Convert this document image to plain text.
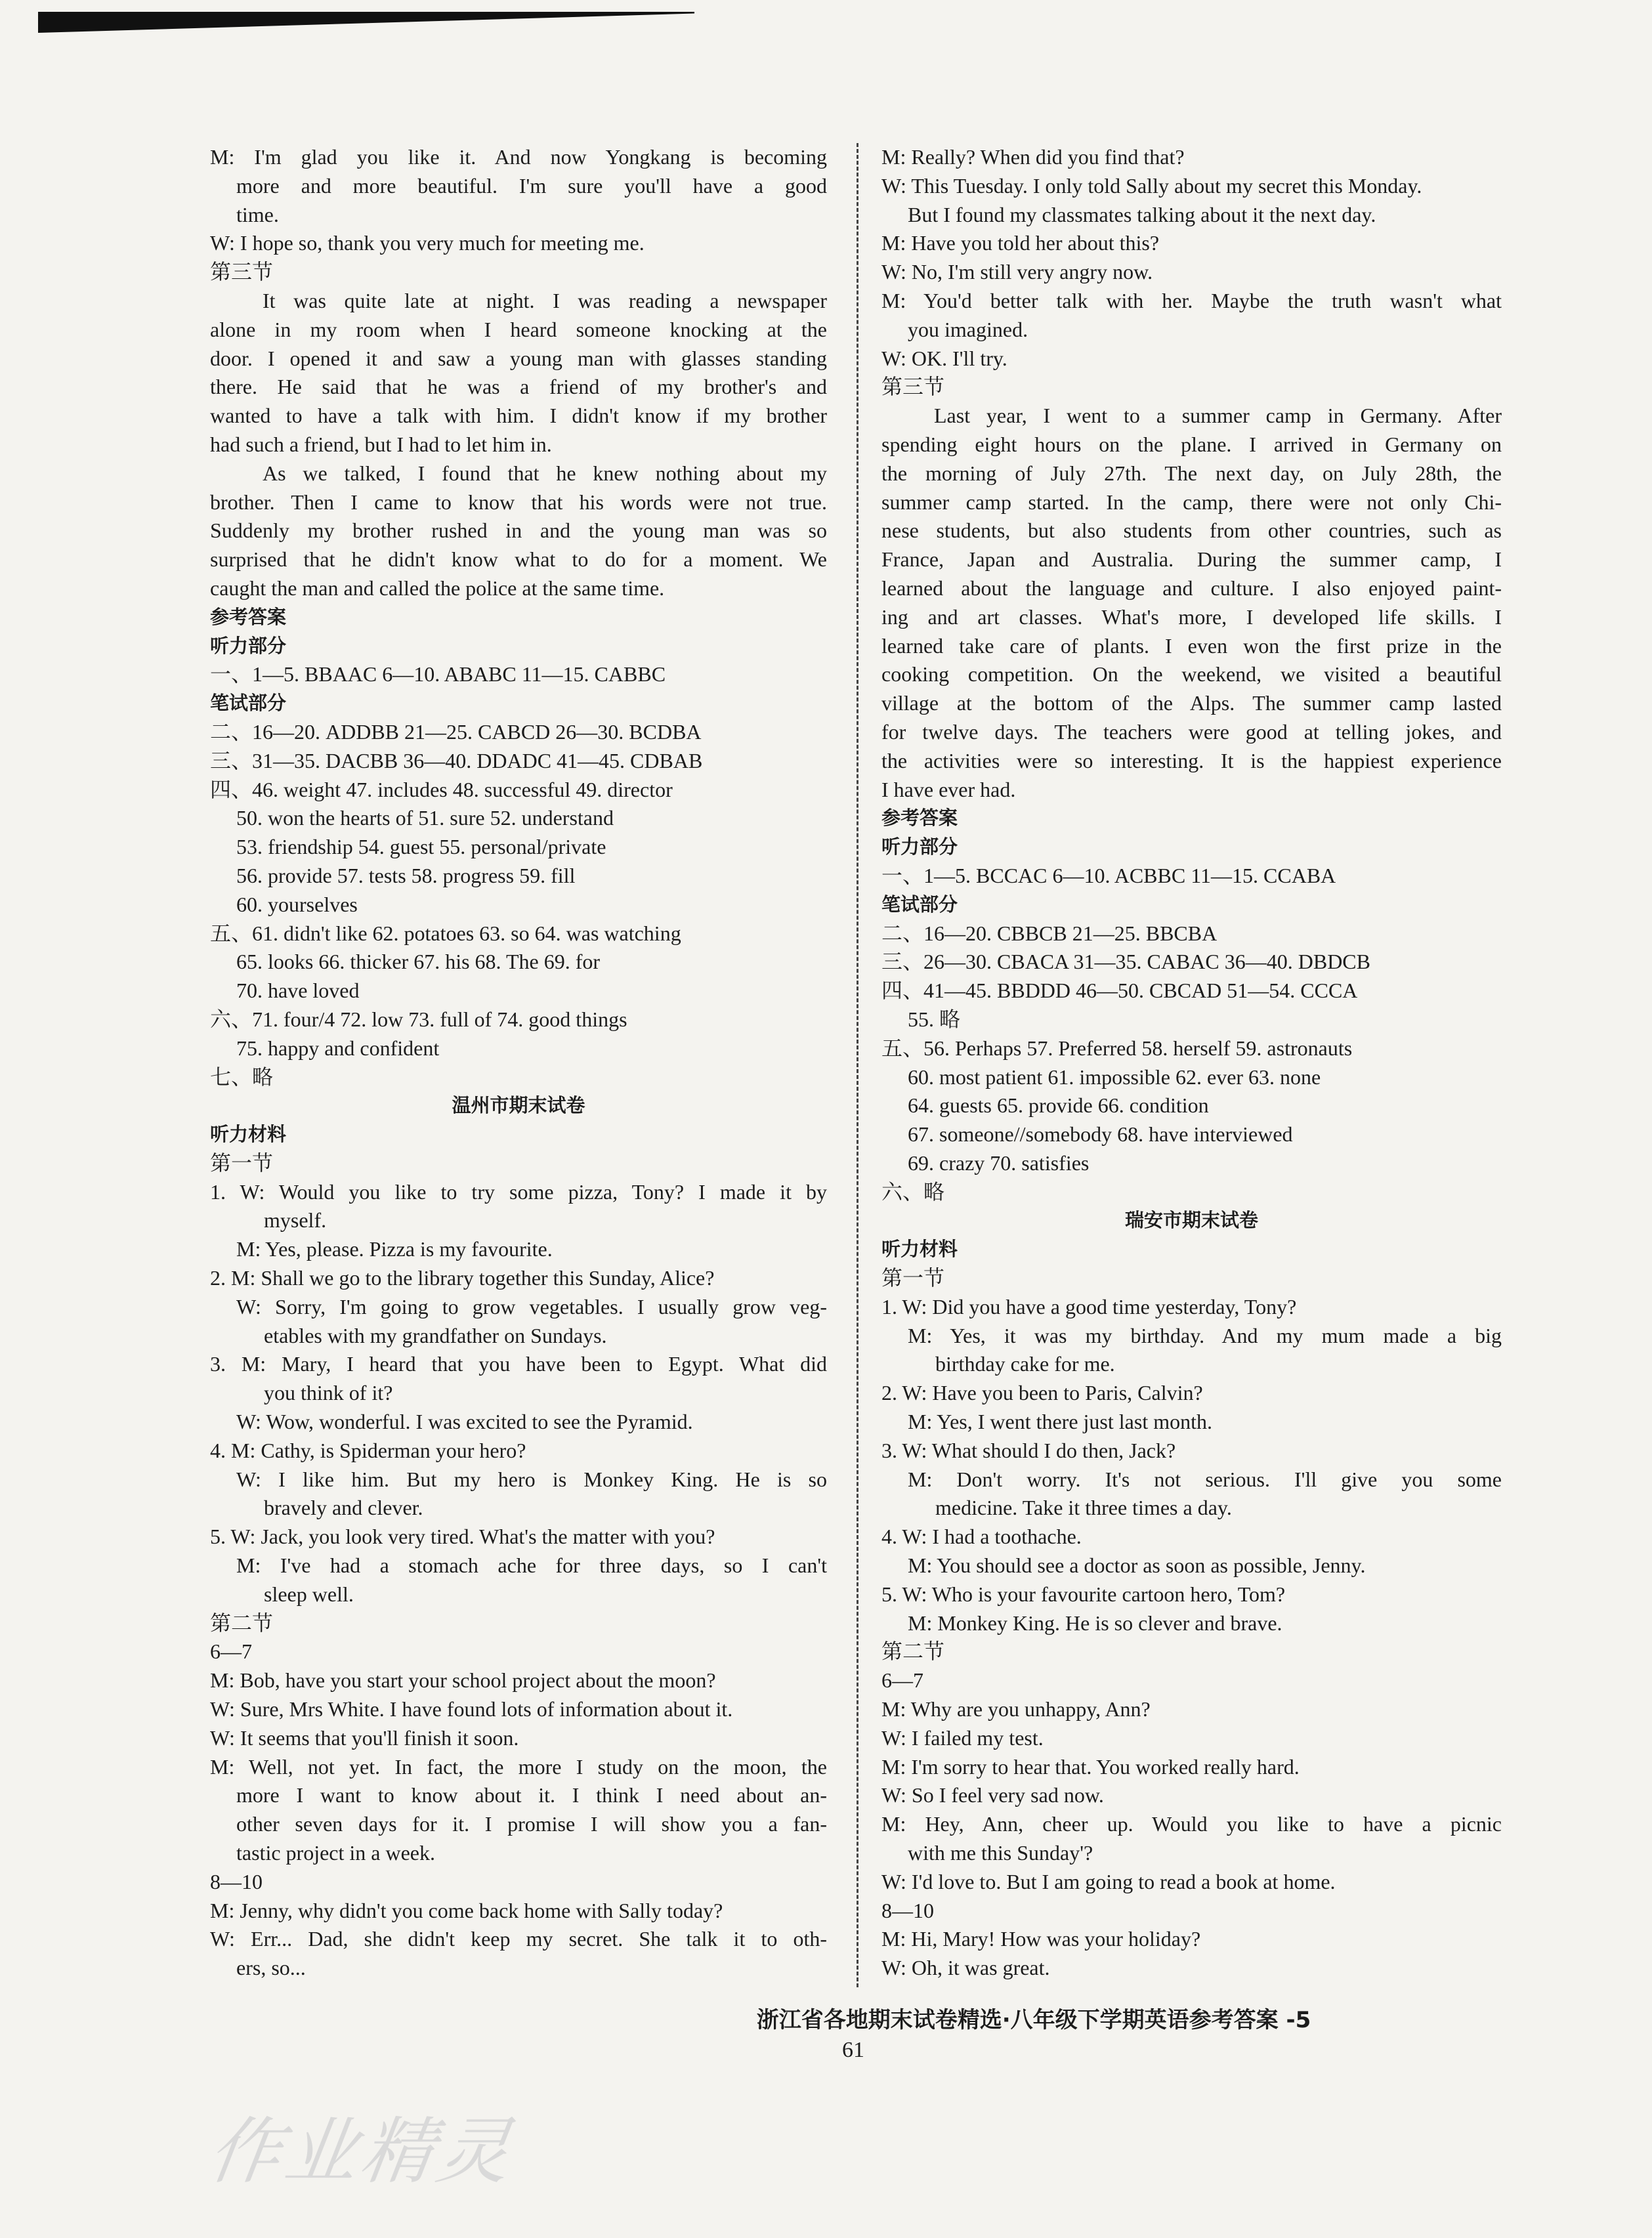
M: I'm glad you like it. And now Yongkang is becoming
more and more beautiful. I'm sure you'll have a good
time.
W: I hope so, thank you very much for meeting me.
第三节
It was quite late at night. I was reading a newspaper
alone in my room when I heard someone knocking at the
door. I opened it and saw a young man with glasses standing
there. He said that he was a friend of my brother's and
wanted to have a talk with him. I didn't know if my brother
had such a friend, but I had to let him in.
As we talked, I found that he knew nothing about my
brother. Then I came to know that his words were not true.
Suddenly my brother rushed in and the young man was so
surprised that he didn't know what to do for a moment. We
caught the man and called the police at the same time.
参考答案
听力部分
一、1—5. BBAAC 6—10. ABABC 11—15. CABBC
笔试部分
二、16—20. ADDBB 21—25. CABCD 26—30. BCDBA
三、31—35. DACBB 36—40. DDADC 41—45. CDBAB
四、46. weight 47. includes 48. successful 49. director
50. won the hearts of 51. sure 52. understand
53. friendship 54. guest 55. personal/private
56. provide 57. tests 58. progress 59. fill
60. yourselves
五、61. didn't like 62. potatoes 63. so 64. was watching
65. looks 66. thicker 67. his 68. The 69. for
70. have loved
六、71. four/4 72. low 73. full of 74. good things
75. happy and confident
七、略
温州市期末试卷
听力材料
第一节
1. W: Would you like to try some pizza, Tony? I made it by
myself.
M: Yes, please. Pizza is my favourite.
2. M: Shall we go to the library together this Sunday, Alice?
W: Sorry, I'm going to grow vegetables. I usually grow veg-
etables with my grandfather on Sundays.
3. M: Mary, I heard that you have been to Egypt. What did
you think of it?
W: Wow, wonderful. I was excited to see the Pyramid.
4. M: Cathy, is Spiderman your hero?
W: I like him. But my hero is Monkey King. He is so
bravely and clever.
5. W: Jack, you look very tired. What's the matter with you?
M: I've had a stomach ache for three days, so I can't
sleep well.
第二节
6—7
M: Bob, have you start your school project about the moon?
W: Sure, Mrs White. I have found lots of information about it.
W: It seems that you'll finish it soon.
M: Well, not yet. In fact, the more I study on the moon, the
more I want to know about it. I think I need about an-
other seven days for it. I promise I will show you a fan-
tastic project in a week.
8—10
M: Jenny, why didn't you come back home with Sally today?
W: Err... Dad, she didn't keep my secret. She talk it to oth-
ers, so...
M: Really? When did you find that?
W: This Tuesday. I only told Sally about my secret this Monday.
But I found my classmates talking about it the next day.
M: Have you told her about this?
W: No, I'm still very angry now.
M: You'd better talk with her. Maybe the truth wasn't what
you imagined.
W: OK. I'll try.
第三节
Last year, I went to a summer camp in Germany. After
spending eight hours on the plane. I arrived in Germany on
the morning of July 27th. The next day, on July 28th, the
summer camp started. In the camp, there were not only Chi-
nese students, but also students from other countries, such as
France, Japan and Australia. During the summer camp, I
learned about the language and culture. I also enjoyed paint-
ing and art classes. What's more, I developed life skills. I
learned take care of plants. I even won the first prize in the
cooking competition. On the weekend, we visited a beautiful
village at the bottom of the Alps. The summer camp lasted
for twelve days. The teachers were good at telling jokes, and
the activities were so interesting. It is the happiest experience
I have ever had.
参考答案
听力部分
一、1—5. BCCAC 6—10. ACBBC 11—15. CCABA
笔试部分
二、16—20. CBBCB 21—25. BBCBA
三、26—30. CBACA 31—35. CABAC 36—40. DBDCB
四、41—45. BBDDD 46—50. CBCAD 51—54. CCCA
55. 略
五、56. Perhaps 57. Preferred 58. herself 59. astronauts
60. most patient 61. impossible 62. ever 63. none
64. guests 65. provide 66. condition
67. someone//somebody 68. have interviewed
69. crazy 70. satisfies
六、略
瑞安市期末试卷
听力材料
第一节
1. W: Did you have a good time yesterday, Tony?
M: Yes, it was my birthday. And my mum made a big
birthday cake for me.
2. W: Have you been to Paris, Calvin?
M: Yes, I went there just last month.
3. W: What should I do then, Jack?
M: Don't worry. It's not serious. I'll give you some
medicine. Take it three times a day.
4. W: I had a toothache.
M: You should see a doctor as soon as possible, Jenny.
5. W: Who is your favourite cartoon hero, Tom?
M: Monkey King. He is so clever and brave.
第二节
6—7
M: Why are you unhappy, Ann?
W: I failed my test.
M: I'm sorry to hear that. You worked really hard.
W: So I feel very sad now.
M: Hey, Ann, cheer up. Would you like to have a picnic
with me this Sunday'?
W: I'd love to. But I am going to read a book at home.
8—10
M: Hi, Mary! How was your holiday?
W: Oh, it was great.
浙江省各地期末试卷精选·八年级下学期英语参考答案 -5
61
作业精灵
